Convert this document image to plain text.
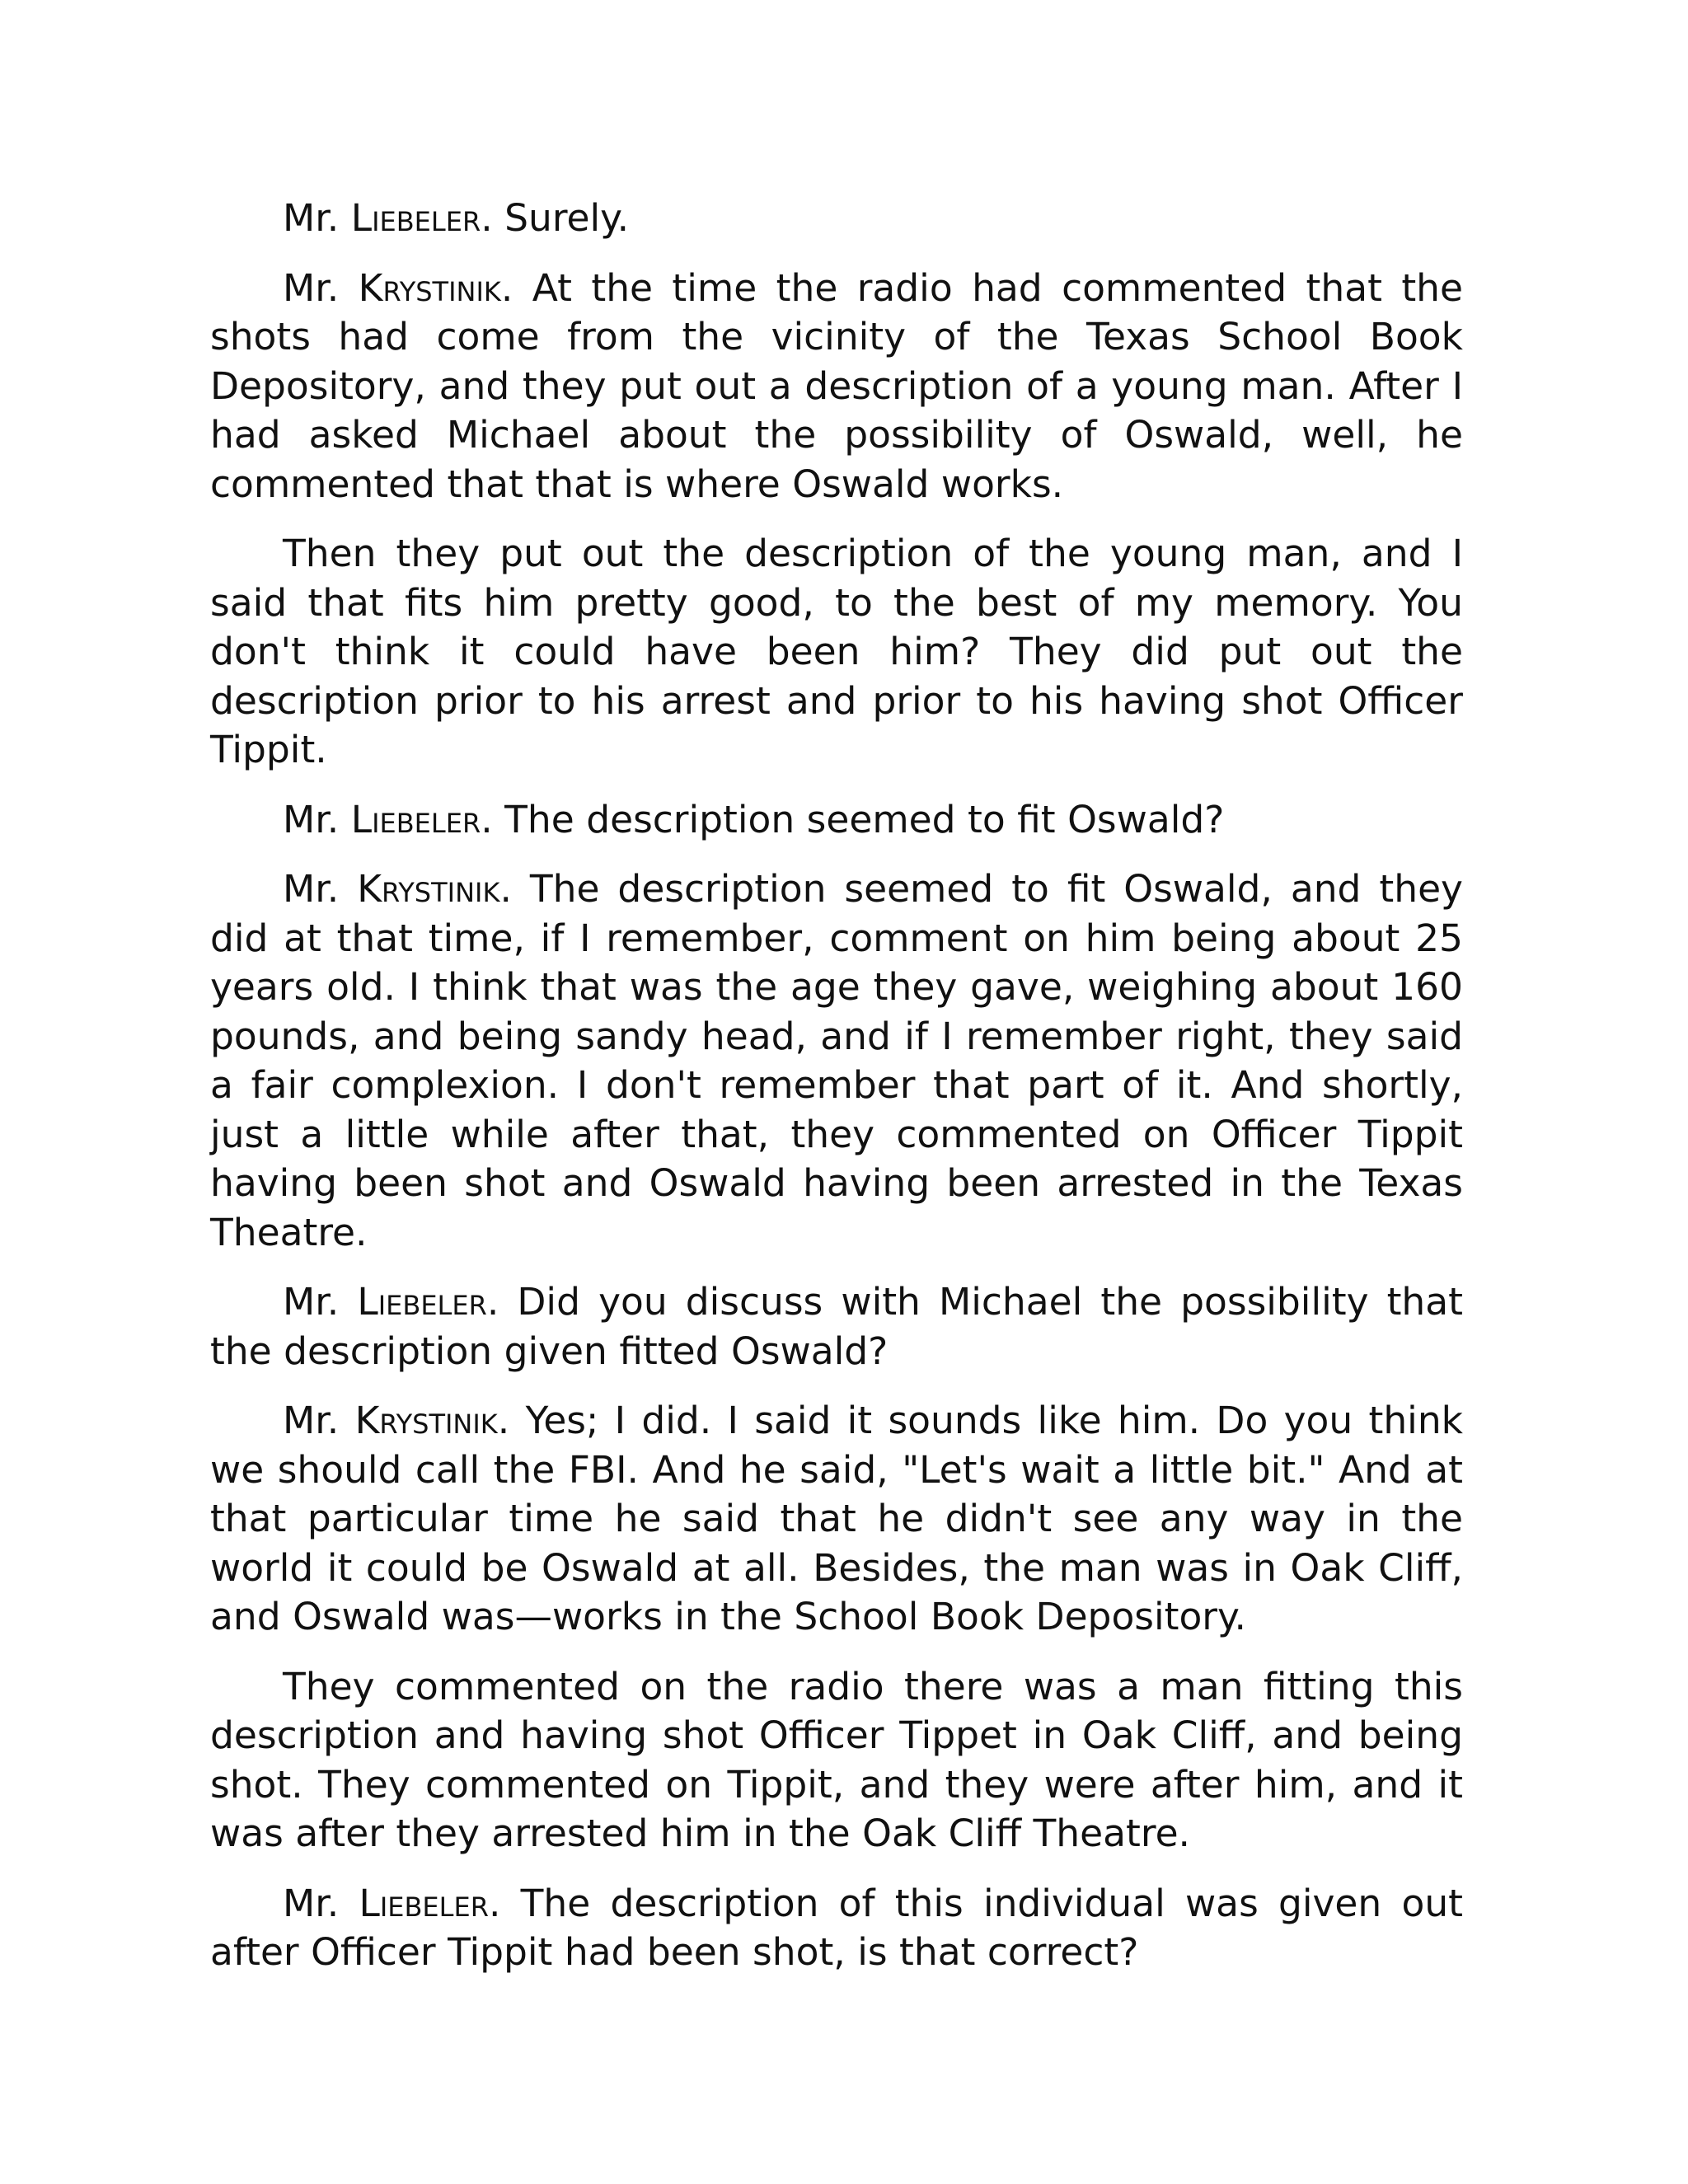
Mr. Liebeler. Surely.

Mr. Krystinik. At the time the radio had commented that the shots had come from the vicinity of the Texas School Book Depository, and they put out a description of a young man. After I had asked Michael about the possibility of Oswald, well, he commented that that is where Oswald works.

Then they put out the description of the young man, and I said that fits him pretty good, to the best of my memory. You don't think it could have been him? They did put out the description prior to his arrest and prior to his having shot Officer Tippit.

Mr. Liebeler. The description seemed to fit Oswald?

Mr. Krystinik. The description seemed to fit Oswald, and they did at that time, if I remember, comment on him being about 25 years old. I think that was the age they gave, weighing about 160 pounds, and being sandy head, and if I remember right, they said a fair complexion. I don't remember that part of it. And shortly, just a little while after that, they commented on Officer Tippit having been shot and Oswald having been arrested in the Texas Theatre.

Mr. Liebeler. Did you discuss with Michael the possibility that the description given fitted Oswald?

Mr. Krystinik. Yes; I did. I said it sounds like him. Do you think we should call the FBI. And he said, "Let's wait a little bit." And at that particular time he said that he didn't see any way in the world it could be Oswald at all. Besides, the man was in Oak Cliff, and Oswald was—works in the School Book Depository.

They commented on the radio there was a man fitting this description and having shot Officer Tippet in Oak Cliff, and being shot. They commented on Tippit, and they were after him, and it was after they arrested him in the Oak Cliff Theatre.

Mr. Liebeler. The description of this individual was given out after Officer Tippit had been shot, is that correct?
